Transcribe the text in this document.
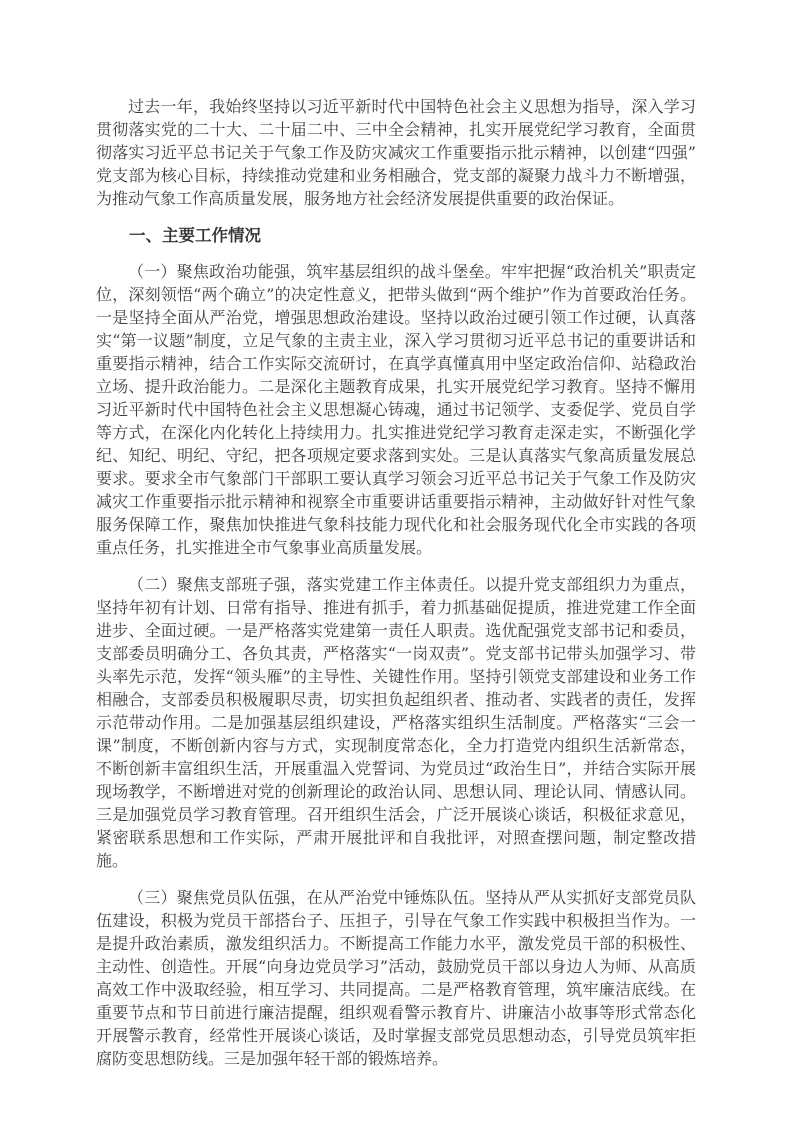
过去一年，我始终坚持以习近平新时代中国特色社会主义思想为指导，深入学习贯彻落实党的二十大、二十届二中、三中全会精神，扎实开展党纪学习教育，全面贯彻落实习近平总书记关于气象工作及防灾减灾工作重要指示批示精神，以创建“四强”党支部为核心目标，持续推动党建和业务相融合，党支部的凝聚力战斗力不断增强，为推动气象工作高质量发展，服务地方社会经济发展提供重要的政治保证。

一、主要工作情况

（一）聚焦政治功能强，筑牢基层组织的战斗堡垒。牢牢把握“政治机关”职责定位，深刻领悟“两个确立”的决定性意义，把带头做到“两个维护”作为首要政治任务。一是坚持全面从严治党，增强思想政治建设。坚持以政治过硬引领工作过硬，认真落实“第一议题”制度，立足气象的主责主业，深入学习贯彻习近平总书记的重要讲话和重要指示精神，结合工作实际交流研讨，在真学真懂真用中坚定政治信仰、站稳政治立场、提升政治能力。二是深化主题教育成果，扎实开展党纪学习教育。坚持不懈用习近平新时代中国特色社会主义思想凝心铸魂，通过书记领学、支委促学、党员自学等方式，在深化内化转化上持续用力。扎实推进党纪学习教育走深走实，不断强化学纪、知纪、明纪、守纪，把各项规定要求落到实处。三是认真落实气象高质量发展总要求。要求全市气象部门干部职工要认真学习领会习近平总书记关于气象工作及防灾减灾工作重要指示批示精神和视察全市重要讲话重要指示精神，主动做好针对性气象服务保障工作，聚焦加快推进气象科技能力现代化和社会服务现代化全市实践的各项重点任务，扎实推进全市气象事业高质量发展。

（二）聚焦支部班子强，落实党建工作主体责任。以提升党支部组织力为重点，坚持年初有计划、日常有指导、推进有抓手，着力抓基础促提质，推进党建工作全面进步、全面过硬。一是严格落实党建第一责任人职责。选优配强党支部书记和委员，支部委员明确分工、各负其责，严格落实“一岗双责”。党支部书记带头加强学习、带头率先示范，发挥“领头雁”的主导性、关键性作用。坚持引领党支部建设和业务工作相融合，支部委员积极履职尽责，切实担负起组织者、推动者、实践者的责任，发挥示范带动作用。二是加强基层组织建设，严格落实组织生活制度。严格落实“三会一课”制度，不断创新内容与方式，实现制度常态化，全力打造党内组织生活新常态，不断创新丰富组织生活，开展重温入党誓词、为党员过“政治生日”，并结合实际开展现场教学，不断增进对党的创新理论的政治认同、思想认同、理论认同、情感认同。三是加强党员学习教育管理。召开组织生活会，广泛开展谈心谈话，积极征求意见，紧密联系思想和工作实际，严肃开展批评和自我批评，对照查摆问题，制定整改措施。

（三）聚焦党员队伍强，在从严治党中锤炼队伍。坚持从严从实抓好支部党员队伍建设，积极为党员干部搭台子、压担子，引导在气象工作实践中积极担当作为。一是提升政治素质，激发组织活力。不断提高工作能力水平，激发党员干部的积极性、主动性、创造性。开展“向身边党员学习”活动，鼓励党员干部以身边人为师、从高质高效工作中汲取经验，相互学习、共同提高。二是严格教育管理，筑牢廉洁底线。在重要节点和节日前进行廉洁提醒，组织观看警示教育片、讲廉洁小故事等形式常态化开展警示教育，经常性开展谈心谈话，及时掌握支部党员思想动态，引导党员筑牢拒腐防变思想防线。三是加强年轻干部的锻炼培养。
